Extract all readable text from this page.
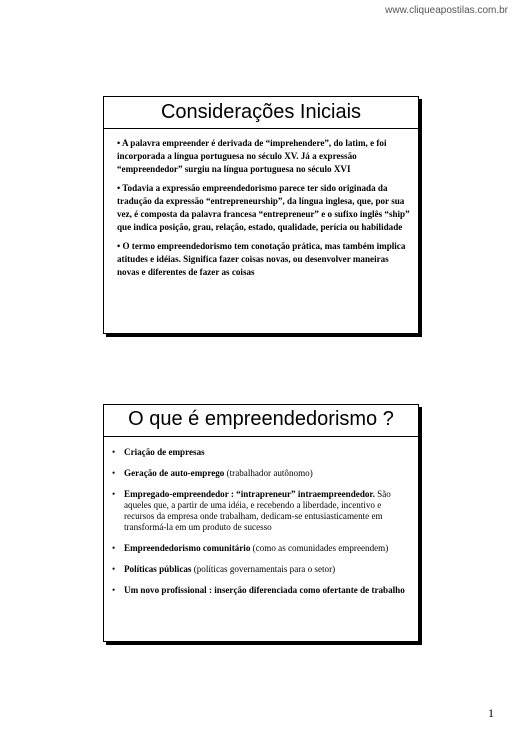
www.cliqueapostilas.com.br
Considerações Iniciais
• A palavra empreender é derivada de “imprehendere”, do latim, e foi incorporada a língua portuguesa no século XV. Já a expressão “empreendedor” surgiu na língua portuguesa no século XVI
• Todavia a expressão empreendedorismo parece ter sido originada da tradução da expressão “entrepreneurship”, da língua inglesa, que, por sua vez, é composta da palavra francesa “entrepreneur” e o sufixo inglês “ship” que indica posição, grau, relação, estado, qualidade, perícia ou habilidade
• O termo empreendedorismo tem conotação prática, mas também implica atitudes e idéias. Significa fazer coisas novas, ou desenvolver maneiras novas e diferentes de fazer as coisas
O que é empreendedorismo ?
• Criação de empresas
• Geração de auto-emprego (trabalhador autônomo)
• Empregado-empreendedor : “intrapreneur” intraempreendedor. São aqueles que, a partir de uma idéia, e recebendo a liberdade, incentivo e recursos da empresa onde trabalham, dedicam-se entusiasticamente em transformá-la em um produto de sucesso
• Empreendedorismo comunitário (como as comunidades empreendem)
• Políticas públicas (políticas governamentais para o setor)
• Um novo profissional : inserção diferenciada como ofertante de trabalho
1
